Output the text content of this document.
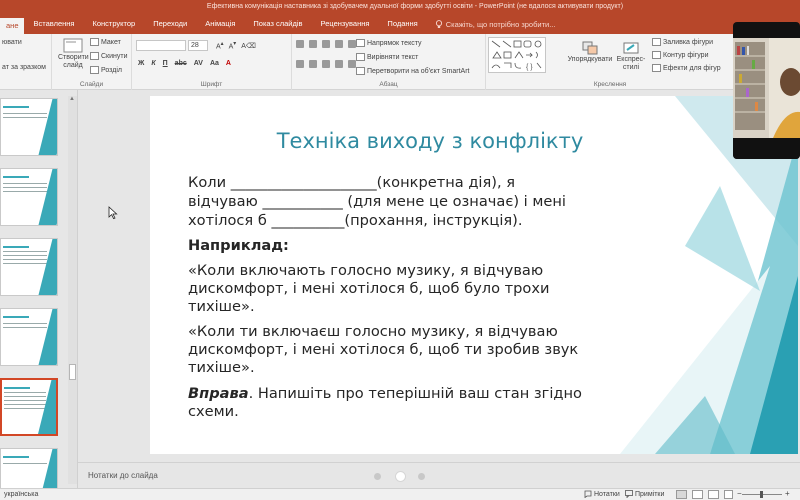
Ефективна комунікація наставника зі здобувачем дуальної форми здобутті освіти - PowerPoint (не вдалося активувати продукт)
ане	Вставлення	Конструктор	Переходи	Анімація	Показ слайдів	Рецензування	Подання	Скажіть, що потрібно зробити...
ювати
ат за зразком
Створити слайд
Макет
Скинути
Розділ
Слайди
28	A▴ A▾ A⌫
Ж К П abc AV Aa A
Шрифт
Напрямок тексту
Вирівняти текст
Перетворити на об'єкт SmartArt
Абзац
{ }
Упорядкувати Експрес-стилі
Заливка фігури
Контур фігури
Ефекти для фігур
Креслення
▲
Техніка виходу з конфлікту
Коли ____________________(конкретна дія), я
відчуваю ___________ (для мене це означає) і мені
хотілося б __________(прохання, інструкція).
Наприклад:
«Коли включають голосно музику, я відчуваю
дискомфорт, і мені хотілося б, щоб було трохи
тихіше».
«Коли ти включаєш голосно музику, я відчуваю
дискомфорт, і мені хотілося б, щоб ти зробив звук
тихіше».
Вправа. Напишіть про теперішній ваш стан згідно
схеми.
Нотатки до слайда
українська	Нотатки Примітки	−	+
